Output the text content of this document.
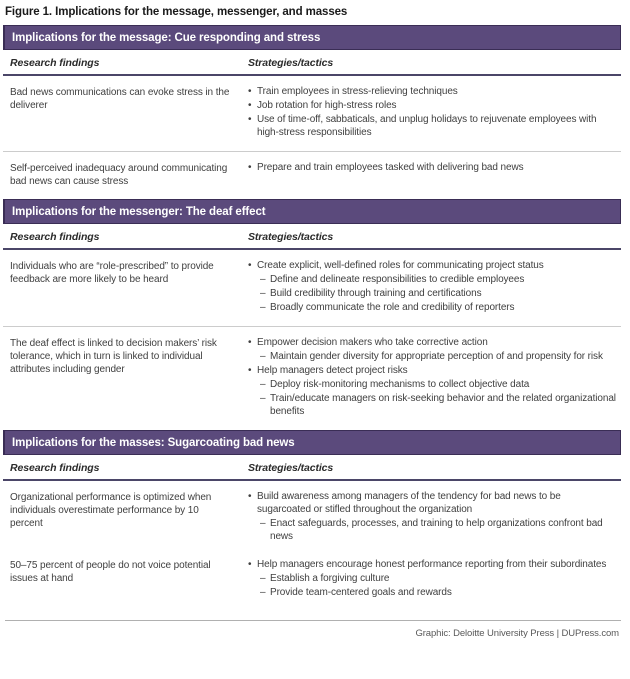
Figure 1. Implications for the message, messenger, and masses
Implications for the message: Cue responding and stress
Research findings	Strategies/tactics
Bad news communications can evoke stress in the deliverer
• Train employees in stress-relieving techniques
• Job rotation for high-stress roles
• Use of time-off, sabbaticals, and unplug holidays to rejuvenate employees with high-stress responsibilities
Self-perceived inadequacy around communicating bad news can cause stress
• Prepare and train employees tasked with delivering bad news
Implications for the messenger: The deaf effect
Research findings	Strategies/tactics
Individuals who are “role-prescribed” to provide feedback are more likely to be heard
• Create explicit, well-defined roles for communicating project status
– Define and delineate responsibilities to credible employees
– Build credibility through training and certifications
– Broadly communicate the role and credibility of reporters
The deaf effect is linked to decision makers’ risk tolerance, which in turn is linked to individual attributes including gender
• Empower decision makers who take corrective action
– Maintain gender diversity for appropriate perception of and propensity for risk
• Help managers detect project risks
– Deploy risk-monitoring mechanisms to collect objective data
– Train/educate managers on risk-seeking behavior and the related organizational benefits
Implications for the masses: Sugarcoating bad news
Research findings	Strategies/tactics
Organizational performance is optimized when individuals overestimate performance by 10 percent
• Build awareness among managers of the tendency for bad news to be sugarcoated or stifled throughout the organization
– Enact safeguards, processes, and training to help organizations confront bad news
50–75 percent of people do not voice potential issues at hand
• Help managers encourage honest performance reporting from their subordinates
– Establish a forgiving culture
– Provide team-centered goals and rewards
Graphic: Deloitte University Press | DUPress.com
